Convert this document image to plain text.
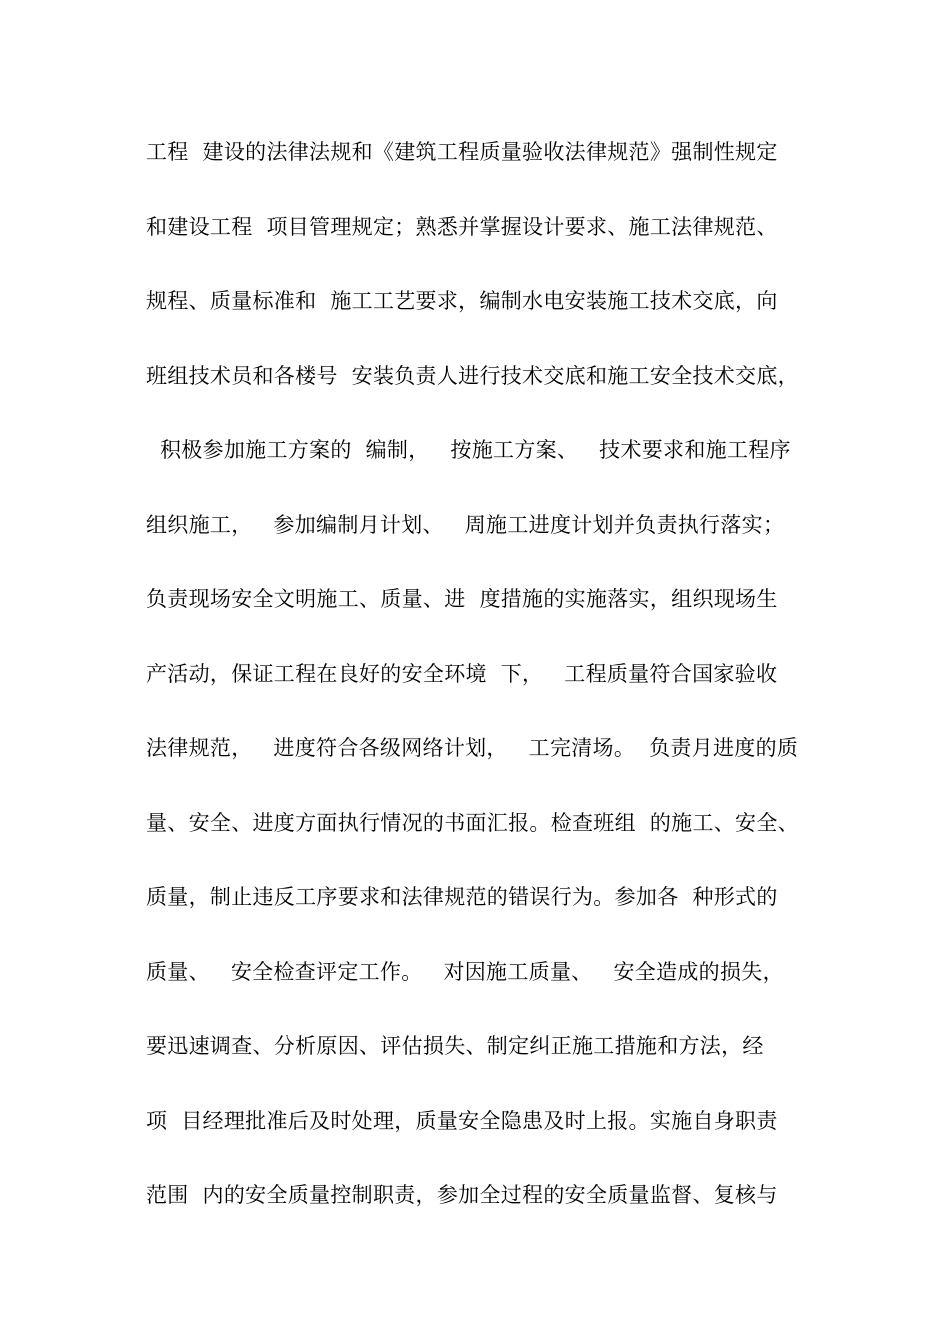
工程  建设的法律法规和《建筑工程质量验收法律规范》强制性规定
和建设工程  项目管理规定；熟悉并掌握设计要求、施工法律规范、
规程、质量标准和  施工工艺要求，编制水电安装施工技术交底，向
班组技术员和各楼号  安装负责人进行技术交底和施工安全技术交底，
积极参加施工方案的  编制，   按施工方案、   技术要求和施工程序
组织施工，   参加编制月计划、   周施工进度计划并负责执行落实；
负责现场安全文明施工、质量、进  度措施的实施落实，组织现场生
产活动，保证工程在良好的安全环境  下，   工程质量符合国家验收
法律规范，   进度符合各级网络计划，   工完清场。  负责月进度的质
量、安全、进度方面执行情况的书面汇报。检查班组  的施工、安全、
质量，制止违反工序要求和法律规范的错误行为。参加各  种形式的
质量、   安全检查评定工作。   对因施工质量、   安全造成的损失，
要迅速调查、分析原因、评估损失、制定纠正施工措施和方法，经
项  目经理批准后及时处理，质量安全隐患及时上报。实施自身职责
范围  内的安全质量控制职责，参加全过程的安全质量监督、复核与
